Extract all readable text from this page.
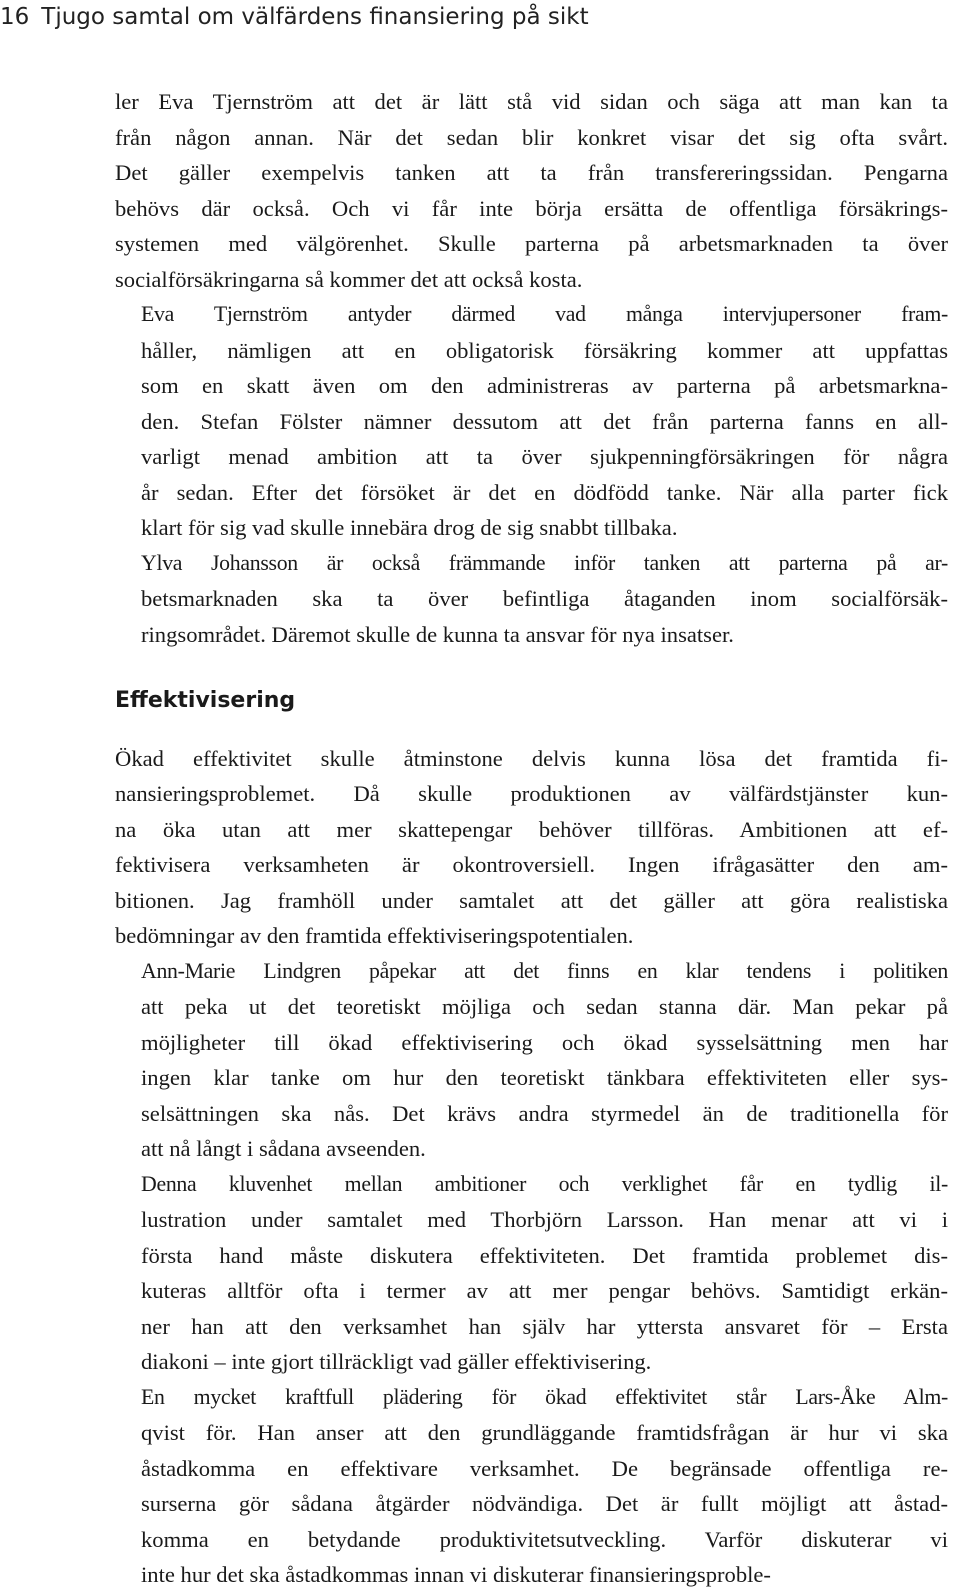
16 Tjugo samtal om välfärdens finansiering på sikt

ler Eva Tjernström att det är lätt stå vid sidan och säga att man kan ta
från någon annan. När det sedan blir konkret visar det sig ofta svårt.
Det gäller exempelvis tanken att ta från transfereringssidan. Pengarna
behövs där också. Och vi får inte börja ersätta de offentliga försäkrings-
systemen med välgörenhet. Skulle parterna på arbetsmarknaden ta över
socialförsäkringarna så kommer det att också kosta.

Eva Tjernström antyder därmed vad många intervjupersoner fram-
håller, nämligen att en obligatorisk försäkring kommer att uppfattas
som en skatt även om den administreras av parterna på arbetsmarkna-
den. Stefan Fölster nämner dessutom att det från parterna fanns en all-
varligt menad ambition att ta över sjukpenningförsäkringen för några
år sedan. Efter det försöket är det en dödfödd tanke. När alla parter fick
klart för sig vad skulle innebära drog de sig snabbt tillbaka.

Ylva Johansson är också främmande inför tanken att parterna på ar-
betsmarknaden ska ta över befintliga åtaganden inom socialförsäk-
ringsområdet. Däremot skulle de kunna ta ansvar för nya insatser.

Effektivisering

Ökad effektivitet skulle åtminstone delvis kunna lösa det framtida fi-
nansieringsproblemet. Då skulle produktionen av välfärdstjänster kun-
na öka utan att mer skattepengar behöver tillföras. Ambitionen att ef-
fektivisera verksamheten är okontroversiell. Ingen ifrågasätter den am-
bitionen. Jag framhöll under samtalet att det gäller att göra realistiska
bedömningar av den framtida effektiviseringspotentialen.

Ann-Marie Lindgren påpekar att det finns en klar tendens i politiken
att peka ut det teoretiskt möjliga och sedan stanna där. Man pekar på
möjligheter till ökad effektivisering och ökad sysselsättning men har
ingen klar tanke om hur den teoretiskt tänkbara effektiviteten eller sys-
selsättningen ska nås. Det krävs andra styrmedel än de traditionella för
att nå långt i sådana avseenden.

Denna kluvenhet mellan ambitioner och verklighet får en tydlig il-
lustration under samtalet med Thorbjörn Larsson. Han menar att vi i
första hand måste diskutera effektiviteten. Det framtida problemet dis-
kuteras alltför ofta i termer av att mer pengar behövs. Samtidigt erkän-
ner han att den verksamhet han själv har yttersta ansvaret för – Ersta
diakoni – inte gjort tillräckligt vad gäller effektivisering.

En mycket kraftfull plädering för ökad effektivitet står Lars-Åke Alm-
qvist för. Han anser att den grundläggande framtidsfrågan är hur vi ska
åstadkomma en effektivare verksamhet. De begränsade offentliga re-
surserna gör sådana åtgärder nödvändiga. Det är fullt möjligt att åstad-
komma en betydande produktivitetsutveckling. Varför diskuterar vi
inte hur det ska åstadkommas innan vi diskuterar finansieringsproble-
